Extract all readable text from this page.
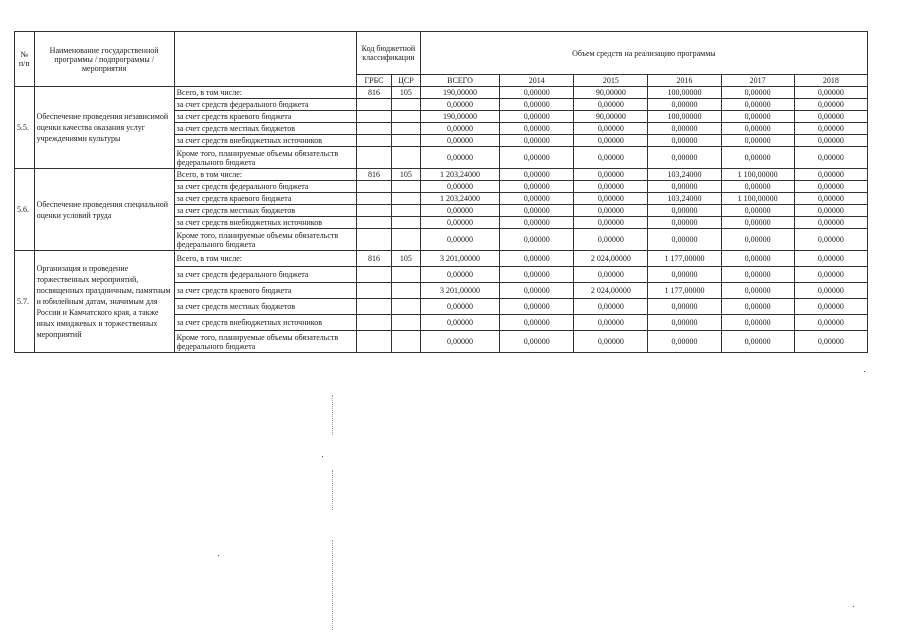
№ п/п	Наименование государственной программы / подпрограммы / мероприятия		Код бюджетной классификации		Объем средств на реализацию программы					
			ГРБС	ЦСР	ВСЕГО	2014	2015	2016	2017	2018
5.5.	Обеспечение проведения независимой оценки качества оказания услуг учреждениями культуры	Всего, в том числе:	816	105	190,00000	0,00000	90,00000	100,00000	0,00000	0,00000
		за счет средств федерального бюджета			0,00000	0,00000	0,00000	0,00000	0,00000	0,00000
		за счет средств краевого бюджета			190,00000	0,00000	90,00000	100,00000	0,00000	0,00000
		за счет средств местных бюджетов			0,00000	0,00000	0,00000	0,00000	0,00000	0,00000
		за счет средств внебюджетных источников			0,00000	0,00000	0,00000	0,00000	0,00000	0,00000
		Кроме того, планируемые объемы обязательств федерального бюджета			0,00000	0,00000	0,00000	0,00000	0,00000	0,00000
5.6.	Обеспечение проведения специальной оценки условий труда	Всего, в том числе:	816	105	1 203,24000	0,00000	0,00000	103,24000	1 100,00000	0,00000
		за счет средств федерального бюджета			0,00000	0,00000	0,00000	0,00000	0,00000	0,00000
		за счет средств краевого бюджета			1 203,24000	0,00000	0,00000	103,24000	1 100,00000	0,00000
		за счет средств местных бюджетов			0,00000	0,00000	0,00000	0,00000	0,00000	0,00000
		за счет средств внебюджетных источников			0,00000	0,00000	0,00000	0,00000	0,00000	0,00000
		Кроме того, планируемые объемы обязательств федерального бюджета			0,00000	0,00000	0,00000	0,00000	0,00000	0,00000
5.7.	Организация и проведение торжественных мероприятий, посвященных праздничным, памятным и юбилейным датам, значимым для России и Камчатского края, а также иных имиджевых и торжественных мероприятий	Всего, в том числе:	816	105	3 201,00000	0,00000	2 024,00000	1 177,00000	0,00000	0,00000
		за счет средств федерального бюджета			0,00000	0,00000	0,00000	0,00000	0,00000	0,00000
		за счет средств краевого бюджета			3 201,00000	0,00000	2 024,00000	1 177,00000	0,00000	0,00000
		за счет средств местных бюджетов			0,00000	0,00000	0,00000	0,00000	0,00000	0,00000
		за счет средств внебюджетных источников			0,00000	0,00000	0,00000	0,00000	0,00000	0,00000
		Кроме того, планируемые объемы обязательств федерального бюджета			0,00000	0,00000	0,00000	0,00000	0,00000	0,00000
